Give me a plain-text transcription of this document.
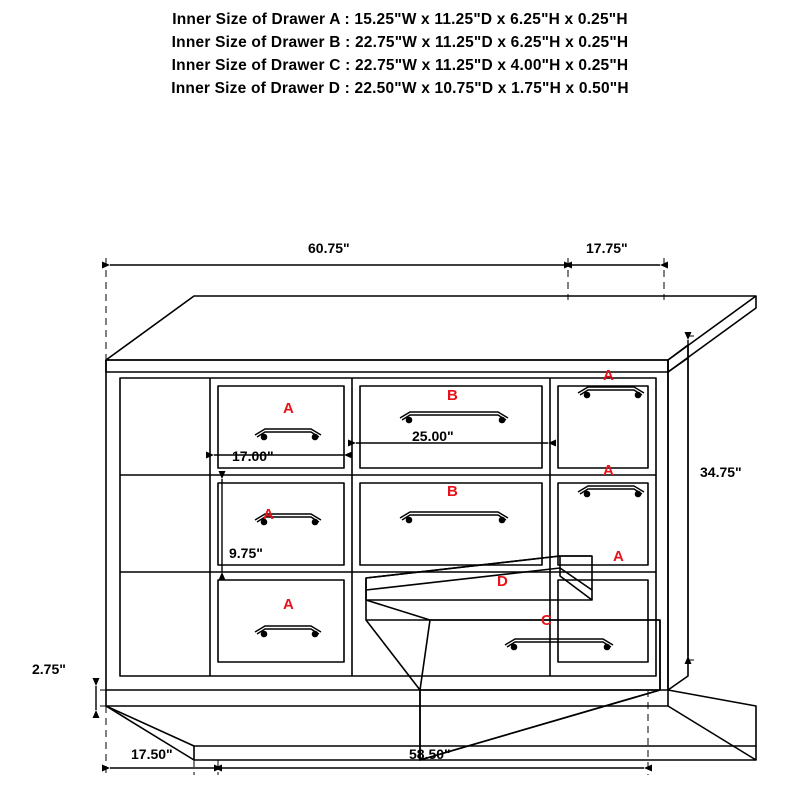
Inner Size of Drawer A : 15.25"W x 11.25"D x 6.25"H x 0.25"H
Inner Size of Drawer B : 22.75"W x 11.25"D x 6.25"H x 0.25"H
Inner Size of Drawer C : 22.75"W x 11.25"D x 4.00"H x 0.25"H
Inner Size of Drawer D : 22.50"W x 10.75"D x 1.75"H x 0.50"H
60.75"	17.75"
34.75"
17.00"
25.00"
9.75"
2.75"
17.50"	58.50"
A
A
A
A
A
A
B
B
C
D
